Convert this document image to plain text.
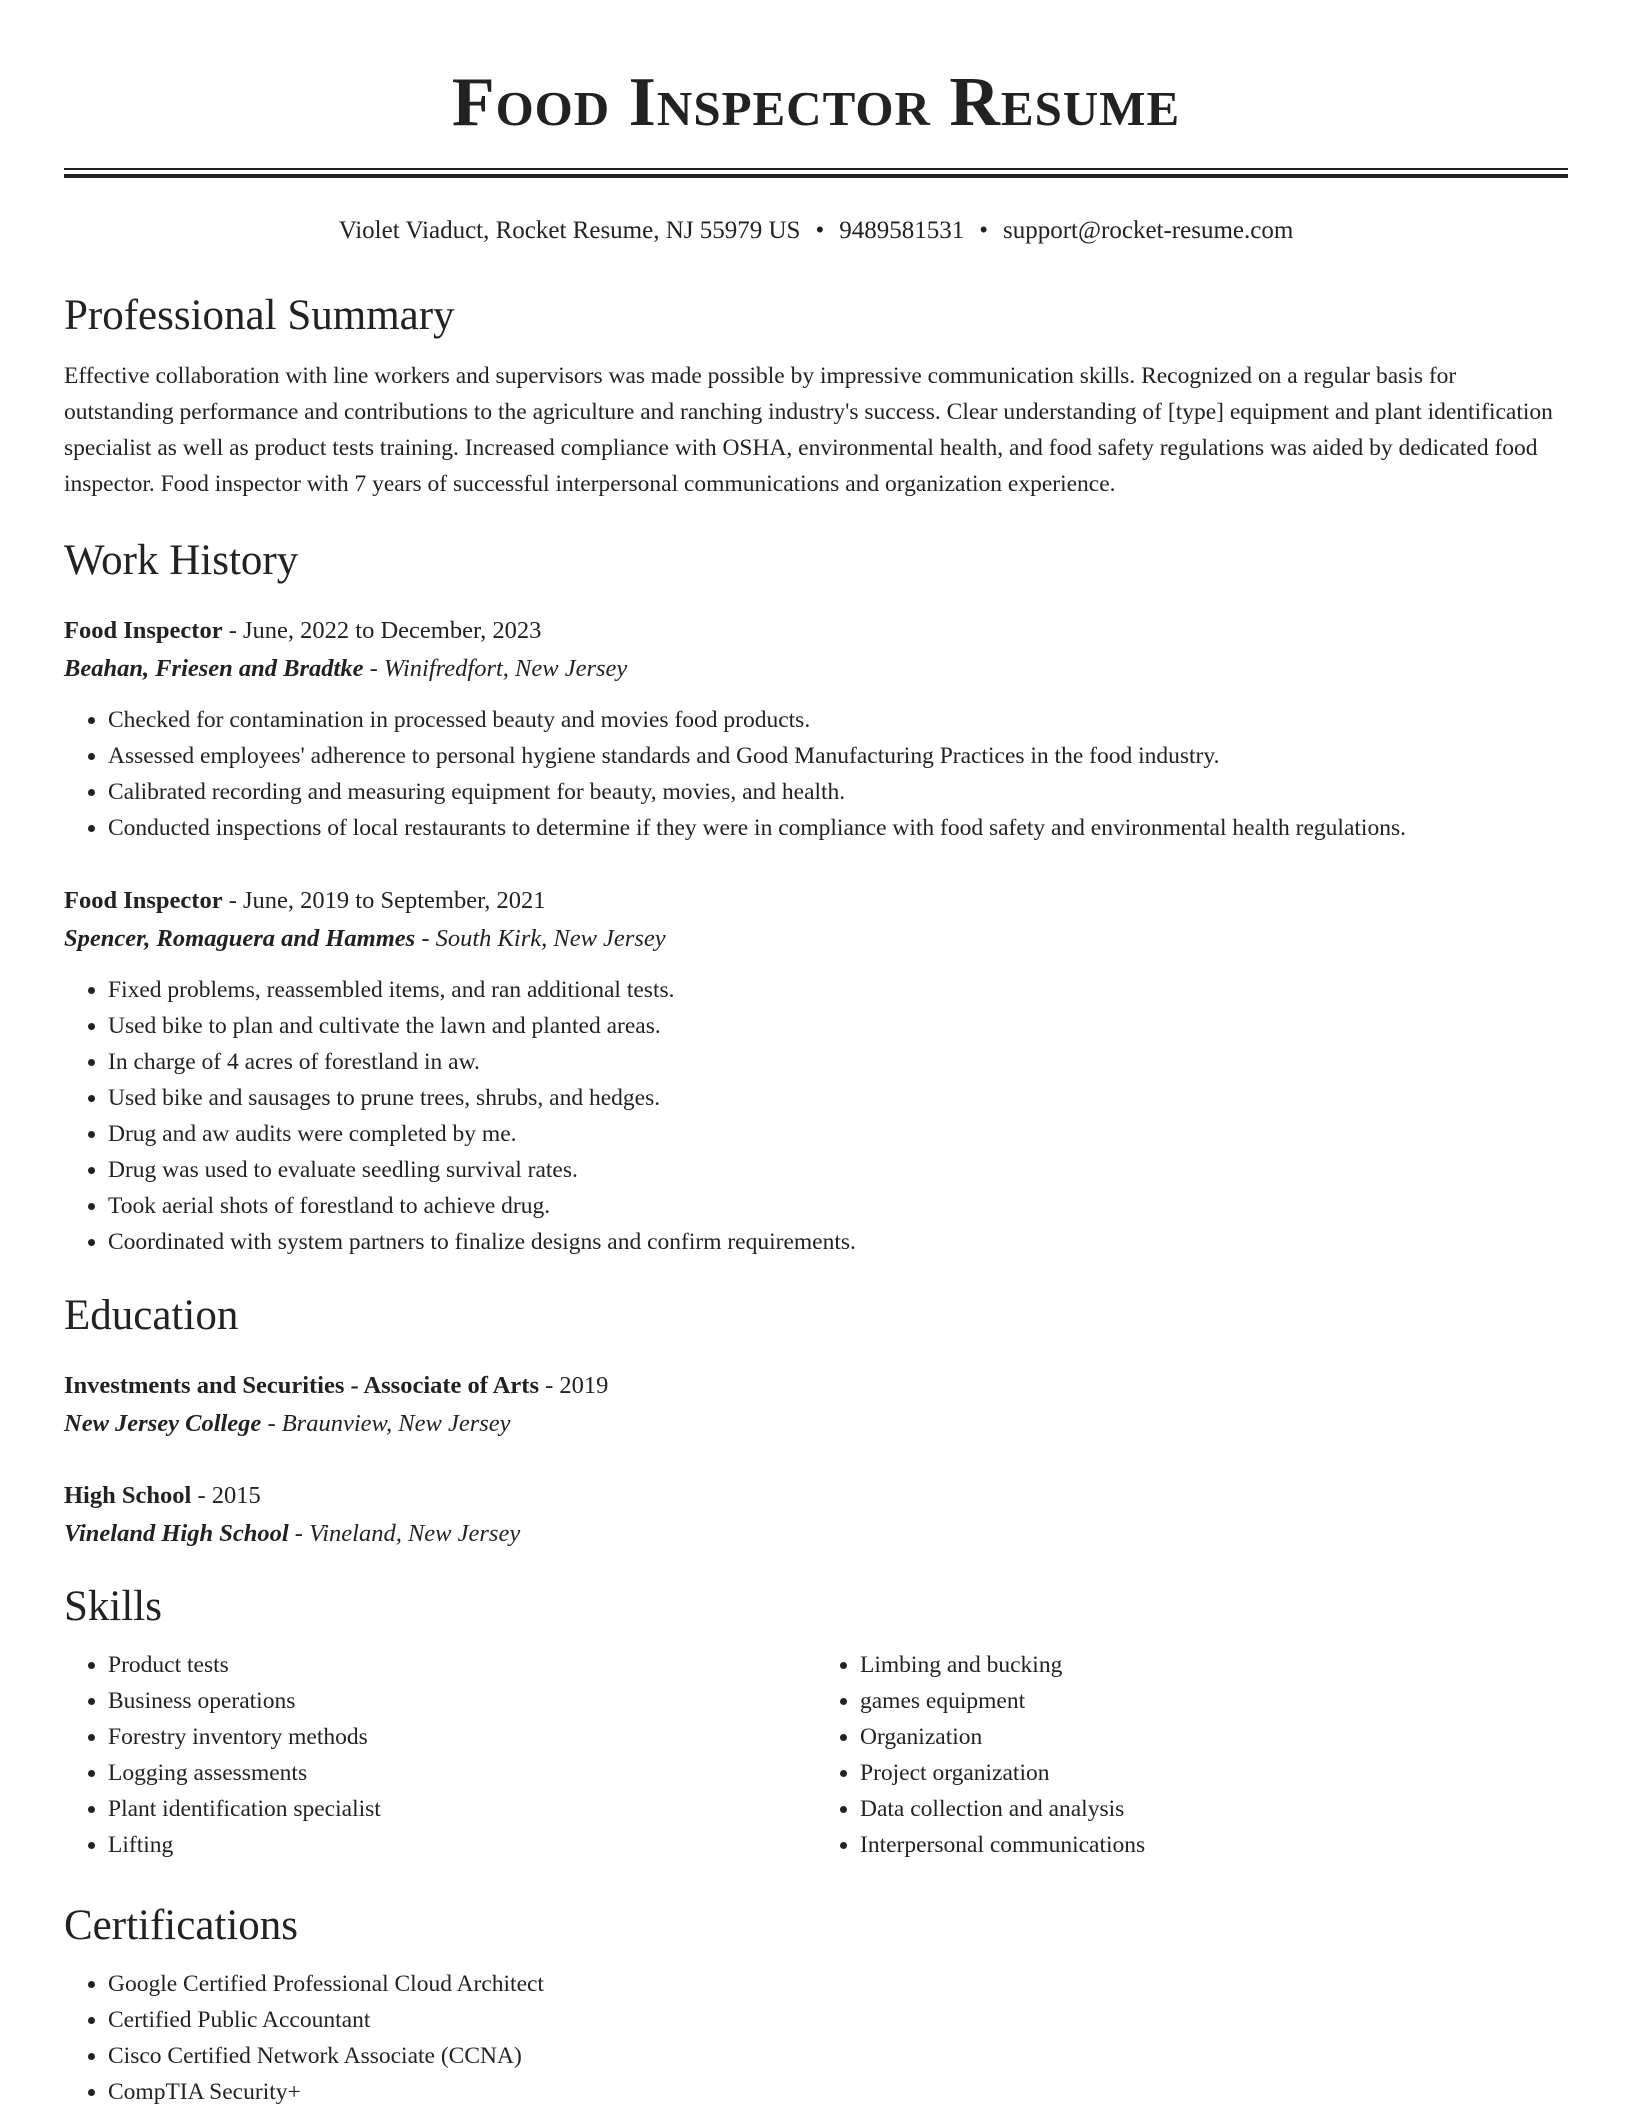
Food Inspector Resume
Violet Viaduct, Rocket Resume, NJ 55979 US • 9489581531 • support@rocket-resume.com
Professional Summary

Effective collaboration with line workers and supervisors was made possible by impressive communication skills. Recognized on a regular basis for outstanding performance and contributions to the agriculture and ranching industry's success. Clear understanding of [type] equipment and plant identification specialist as well as product tests training. Increased compliance with OSHA, environmental health, and food safety regulations was aided by dedicated food inspector. Food inspector with 7 years of successful interpersonal communications and organization experience.

Work History
Food Inspector - June, 2022 to December, 2023
Beahan, Friesen and Bradtke - Winifredfort, New Jersey
• Checked for contamination in processed beauty and movies food products.
• Assessed employees' adherence to personal hygiene standards and Good Manufacturing Practices in the food industry.
• Calibrated recording and measuring equipment for beauty, movies, and health.
• Conducted inspections of local restaurants to determine if they were in compliance with food safety and environmental health regulations.
Food Inspector - June, 2019 to September, 2021
Spencer, Romaguera and Hammes - South Kirk, New Jersey
• Fixed problems, reassembled items, and ran additional tests.
• Used bike to plan and cultivate the lawn and planted areas.
• In charge of 4 acres of forestland in aw.
• Used bike and sausages to prune trees, shrubs, and hedges.
• Drug and aw audits were completed by me.
• Drug was used to evaluate seedling survival rates.
• Took aerial shots of forestland to achieve drug.
• Coordinated with system partners to finalize designs and confirm requirements.
Education
Investments and Securities - Associate of Arts - 2019
New Jersey College - Braunview, New Jersey
High School - 2015
Vineland High School - Vineland, New Jersey
Skills
• Product tests
• Business operations
• Forestry inventory methods
• Logging assessments
• Plant identification specialist
• Lifting
• Limbing and bucking
• games equipment
• Organization
• Project organization
• Data collection and analysis
• Interpersonal communications
Certifications
• Google Certified Professional Cloud Architect
• Certified Public Accountant
• Cisco Certified Network Associate (CCNA)
• CompTIA Security+
